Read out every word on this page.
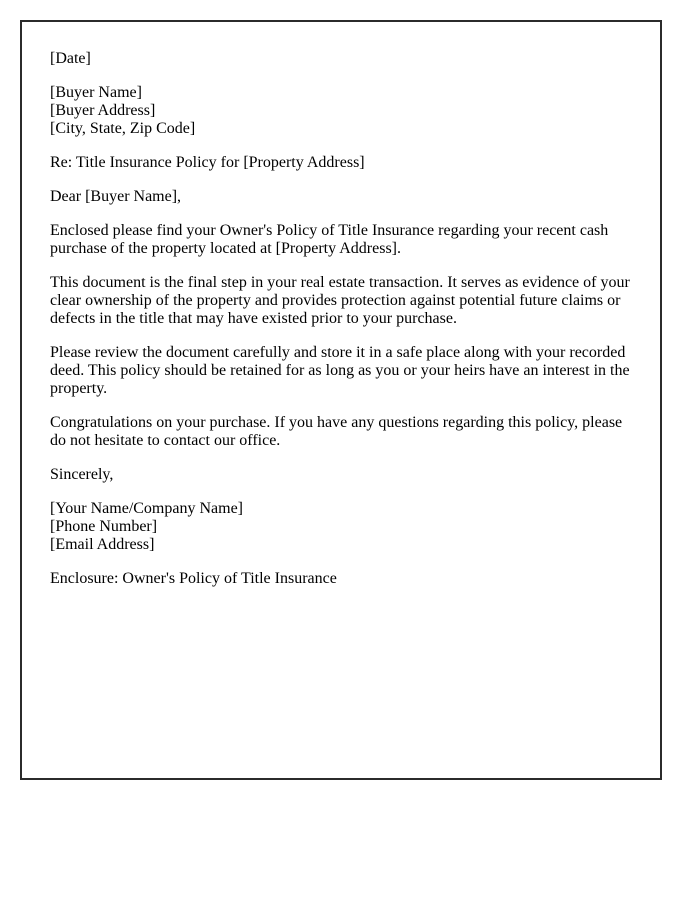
[Date]

[Buyer Name]
[Buyer Address]
[City, State, Zip Code]

Re: Title Insurance Policy for [Property Address]

Dear [Buyer Name],

Enclosed please find your Owner's Policy of Title Insurance regarding your recent cash purchase of the property located at [Property Address].

This document is the final step in your real estate transaction. It serves as evidence of your clear ownership of the property and provides protection against potential future claims or defects in the title that may have existed prior to your purchase.

Please review the document carefully and store it in a safe place along with your recorded deed. This policy should be retained for as long as you or your heirs have an interest in the property.

Congratulations on your purchase. If you have any questions regarding this policy, please do not hesitate to contact our office.

Sincerely,

[Your Name/Company Name]
[Phone Number]
[Email Address]

Enclosure: Owner's Policy of Title Insurance
